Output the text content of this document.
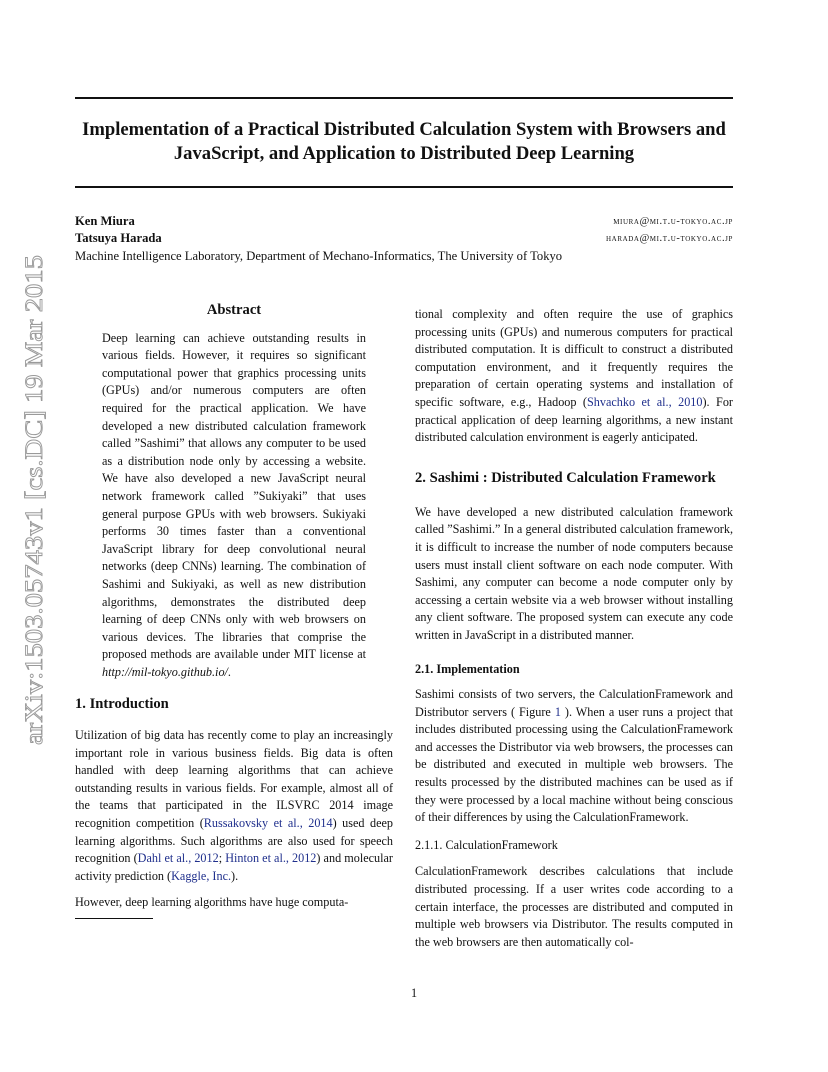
arXiv:1503.05743v1 [cs.DC] 19 Mar 2015
Implementation of a Practical Distributed Calculation System with Browsers and JavaScript, and Application to Distributed Deep Learning
Ken Miura	miura@mi.t.u-tokyo.ac.jp
Tatsuya Harada	harada@mi.t.u-tokyo.ac.jp
Machine Intelligence Laboratory, Department of Mechano-Informatics, The University of Tokyo
Abstract

Deep learning can achieve outstanding results in various fields. However, it requires so significant computational power that graphics processing units (GPUs) and/or numerous computers are often required for the practical application. We have developed a new distributed calculation framework called ”Sashimi” that allows any computer to be used as a distribution node only by accessing a website. We have also developed a new JavaScript neural network framework called ”Sukiyaki” that uses general purpose GPUs with web browsers. Sukiyaki performs 30 times faster than a conventional JavaScript library for deep convolutional neural networks (deep CNNs) learning. The combination of Sashimi and Sukiyaki, as well as new distribution algorithms, demonstrates the distributed deep learning of deep CNNs only with web browsers on various devices. The libraries that comprise the proposed methods are available under MIT license at http://mil-tokyo.github.io/.

1. Introduction

Utilization of big data has recently come to play an increasingly important role in various business fields. Big data is often handled with deep learning algorithms that can achieve outstanding results in various fields. For example, almost all of the teams that participated in the ILSVRC 2014 image recognition competition (Russakovsky et al., 2014) used deep learning algorithms. Such algorithms are also used for speech recognition (Dahl et al., 2012; Hinton et al., 2012) and molecular activity prediction (Kaggle, Inc.).

However, deep learning algorithms have huge computa-

tional complexity and often require the use of graphics processing units (GPUs) and numerous computers for practical distributed computation. It is difficult to construct a distributed computation environment, and it frequently requires the preparation of certain operating systems and installation of specific software, e.g., Hadoop (Shvachko et al., 2010). For practical application of deep learning algorithms, a new instant distributed calculation environment is eagerly anticipated.

2. Sashimi : Distributed Calculation Framework

We have developed a new distributed calculation framework called ”Sashimi.” In a general distributed calculation framework, it is difficult to increase the number of node computers because users must install client software on each node computer. With Sashimi, any computer can become a node computer only by accessing a certain website via a web browser without installing any client software. The proposed system can execute any code written in JavaScript in a distributed manner.

2.1. Implementation

Sashimi consists of two servers, the CalculationFramework and Distributor servers ( Figure 1 ). When a user runs a project that includes distributed processing using the CalculationFramework and accesses the Distributor via web browsers, the processes can be distributed and executed in multiple web browsers. The results processed by the distributed machines can be used as if they were processed by a local machine without being conscious of their differences by using the CalculationFramework.

2.1.1. CalculationFramework

CalculationFramework describes calculations that include distributed processing. If a user writes code according to a certain interface, the processes are distributed and computed in multiple web browsers via Distributor. The results computed in the web browsers are then automatically col-

1
